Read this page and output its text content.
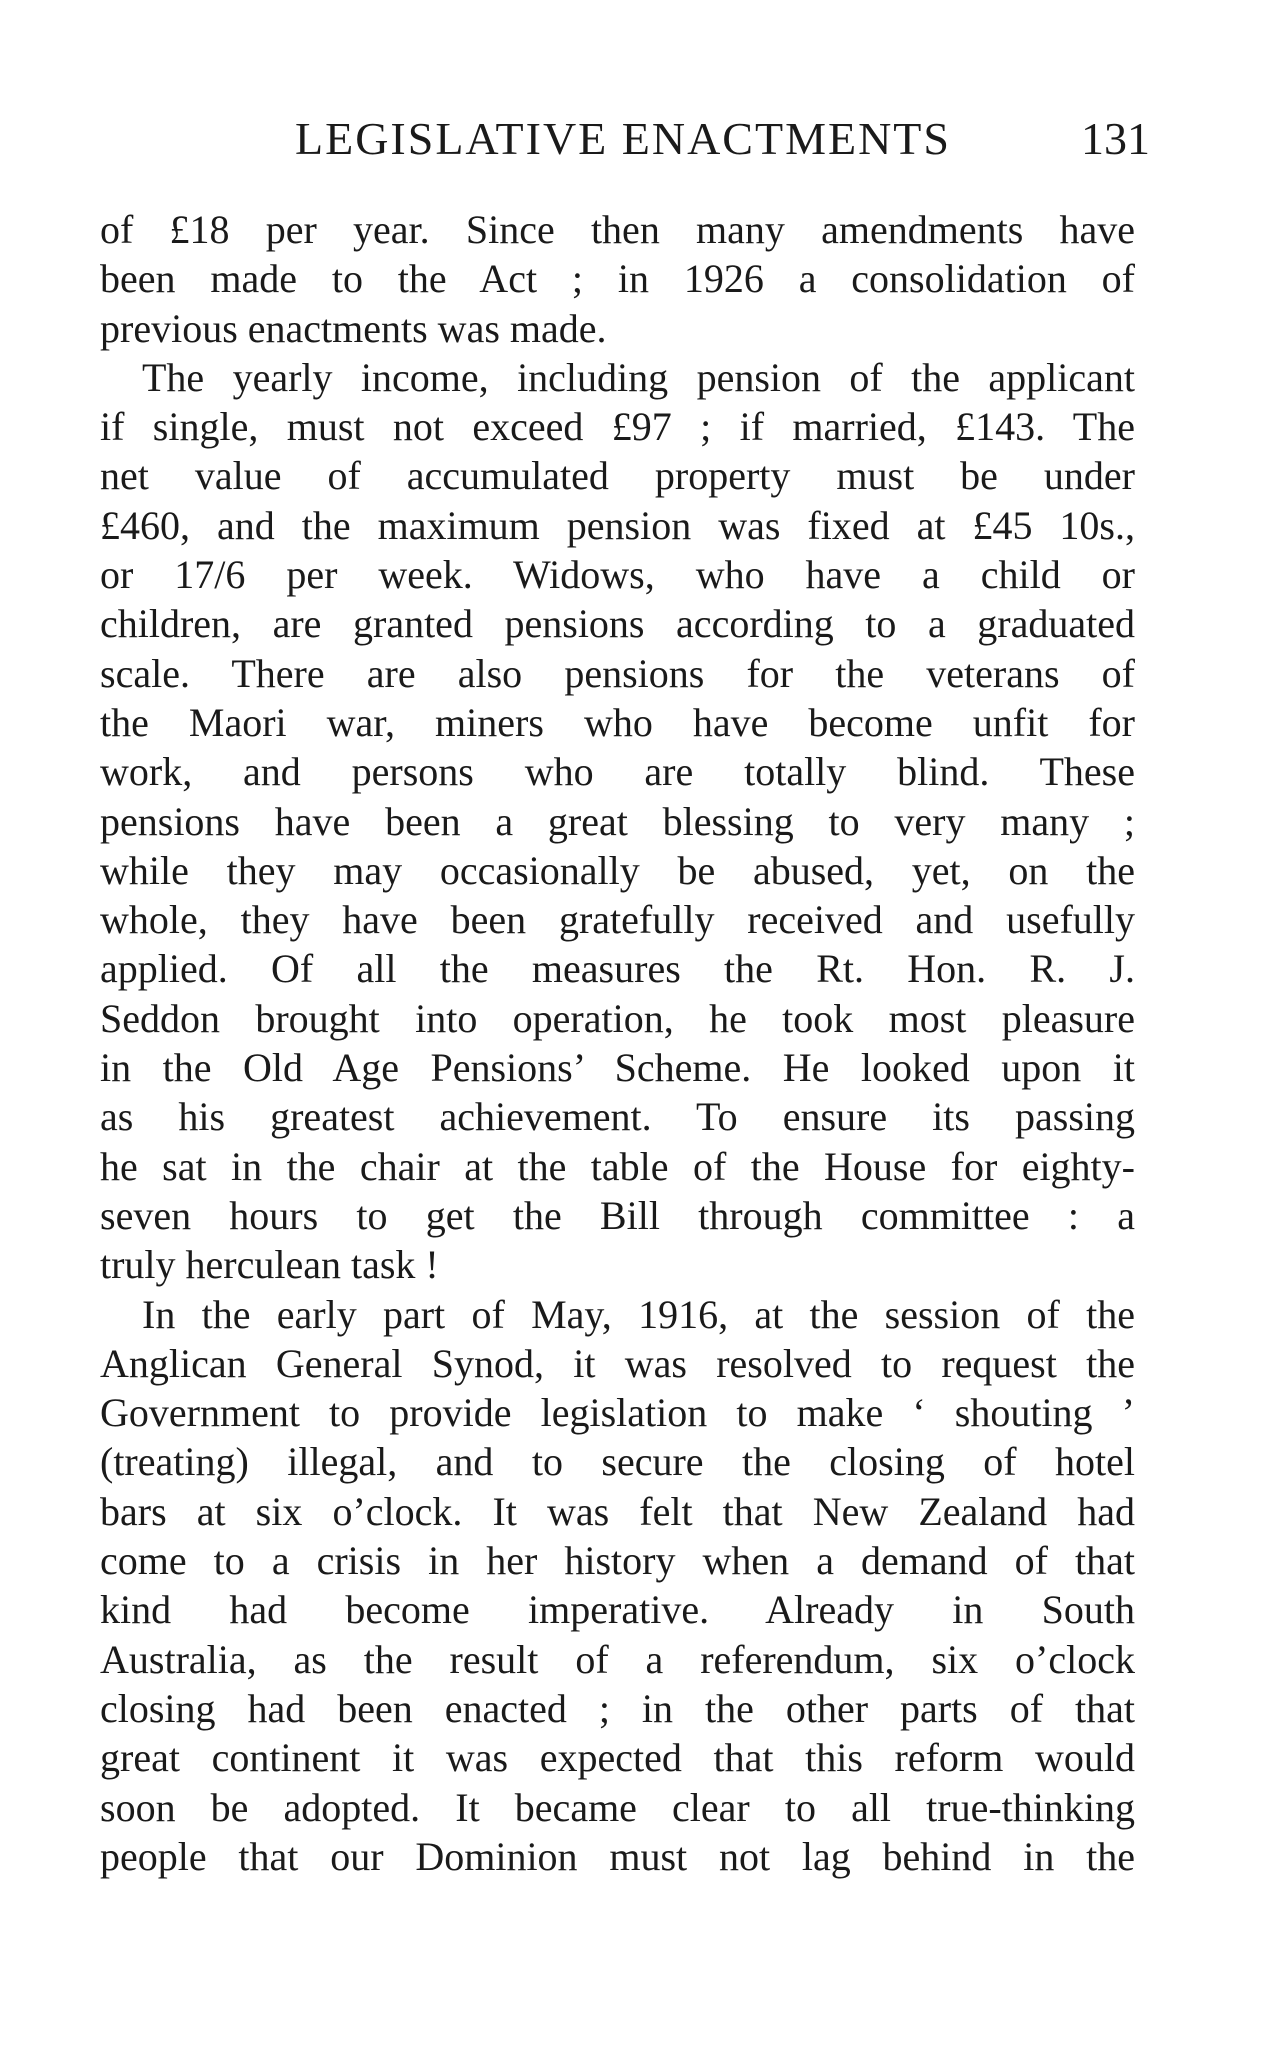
LEGISLATIVE ENACTMENTS	131
of £18 per year. Since then many amendments have
been made to the Act ; in 1926 a consolidation of
previous enactments was made.
The yearly income, including pension of the applicant
if single, must not exceed £97 ; if married, £143. The
net value of accumulated property must be under
£460, and the maximum pension was fixed at £45 10s.,
or 17/6 per week. Widows, who have a child or
children, are granted pensions according to a graduated
scale. There are also pensions for the veterans of
the Maori war, miners who have become unfit for
work, and persons who are totally blind. These
pensions have been a great blessing to very many ;
while they may occasionally be abused, yet, on the
whole, they have been gratefully received and usefully
applied. Of all the measures the Rt. Hon. R. J.
Seddon brought into operation, he took most pleasure
in the Old Age Pensions’ Scheme. He looked upon it
as his greatest achievement. To ensure its passing
he sat in the chair at the table of the House for eighty-
seven hours to get the Bill through committee : a
truly herculean task !
In the early part of May, 1916, at the session of the
Anglican General Synod, it was resolved to request the
Government to provide legislation to make ‘ shouting ’
(treating) illegal, and to secure the closing of hotel
bars at six o’clock. It was felt that New Zealand had
come to a crisis in her history when a demand of that
kind had become imperative. Already in South
Australia, as the result of a referendum, six o’clock
closing had been enacted ; in the other parts of that
great continent it was expected that this reform would
soon be adopted. It became clear to all true-thinking
people that our Dominion must not lag behind in the
